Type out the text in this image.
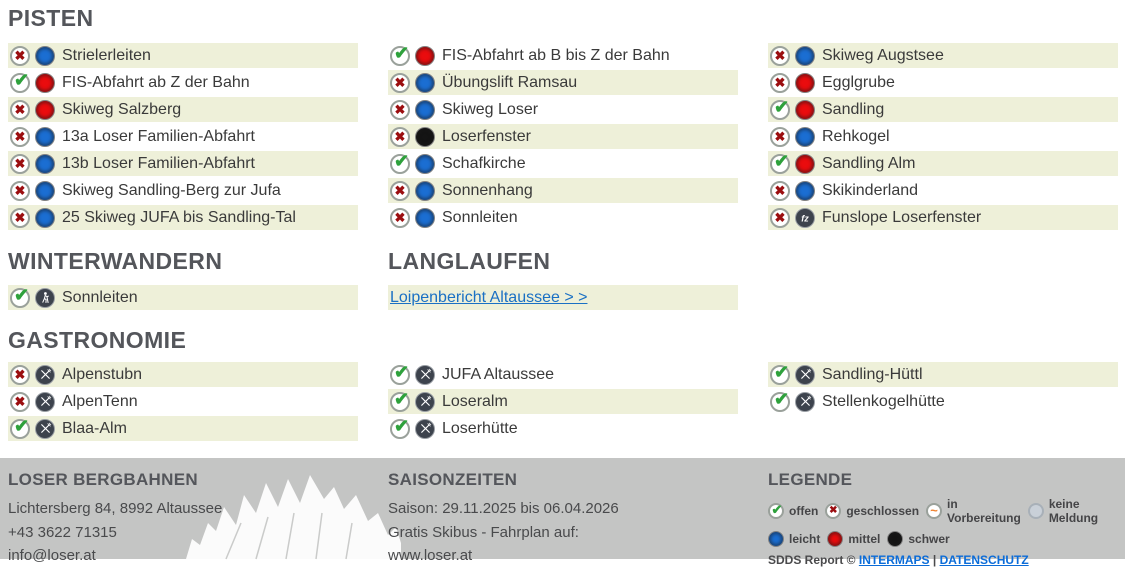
PISTEN
✖ Strielerleiten
✔ FIS-Abfahrt ab Z der Bahn
✖ Skiweg Salzberg
✖ 13a Loser Familien-Abfahrt
✖ 13b Loser Familien-Abfahrt
✖ Skiweg Sandling-Berg zur Jufa
✖ 25 Skiweg JUFA bis Sandling-Tal
✔ FIS-Abfahrt ab B bis Z der Bahn
✖ Übungslift Ramsau
✖ Skiweg Loser
✖ Loserfenster
✔ Schafkirche
✖ Sonnenhang
✖ Sonnleiten
✖ Skiweg Augstsee
✖ Egglgrube
✔ Sandling
✖ Rehkogel
✔ Sandling Alm
✖ Skikinderland
✖ fz Funslope Loserfenster
WINTERWANDERN
✔ Sonnleiten
LANGLAUFEN
Loipenbericht Altaussee > >
GASTRONOMIE
✖ Alpenstubn
✖ AlpenTenn
✔ Blaa-Alm
✔ JUFA Altaussee
✔ Loseralm
✔ Loserhütte
✔ Sandling-Hüttl
✔ Stellenkogelhütte
LOSER BERGBAHNEN
Lichtersberg 84, 8992 Altaussee
+43 3622 71315
info@loser.at
SAISONZEITEN
Saison: 29.11.2025 bis 06.04.2026
Gratis Skibus - Fahrplan auf:
www.loser.at
LEGENDE
✔ offen ✖ geschlossen ~ in Vorbereitung
keine Meldung
leicht mittel schwer
SDDS Report © INTERMAPS | DATENSCHUTZ
